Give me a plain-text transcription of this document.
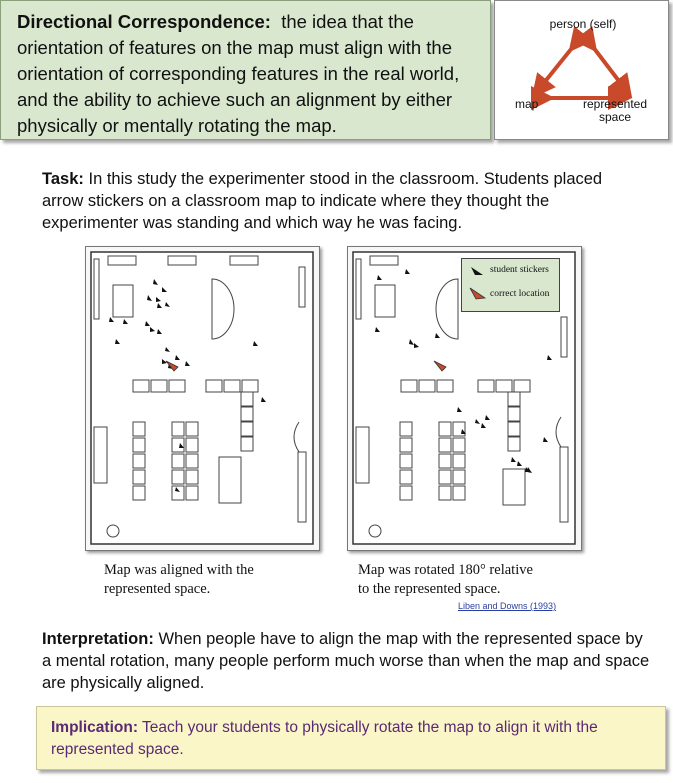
Directional Correspondence: the idea that the orientation of features on the map must align with the orientation of corresponding features in the real world, and the ability to achieve such an alignment by either physically or mentally rotating the map.
person (self)
map	represented
space
Task: In this study the experimenter stood in the classroom. Students placed arrow stickers on a classroom map to indicate where they thought the experimenter was standing and which way he was facing.
student stickers
correct location
Map was aligned with the
represented space.
Map was rotated 180° relative
to the represented space.
Liben and Downs (1993)
Interpretation: When people have to align the map with the represented space by a mental rotation, many people perform much worse than when the map and space are physically aligned.
Implication: Teach your students to physically rotate the map to align it with the represented space.
